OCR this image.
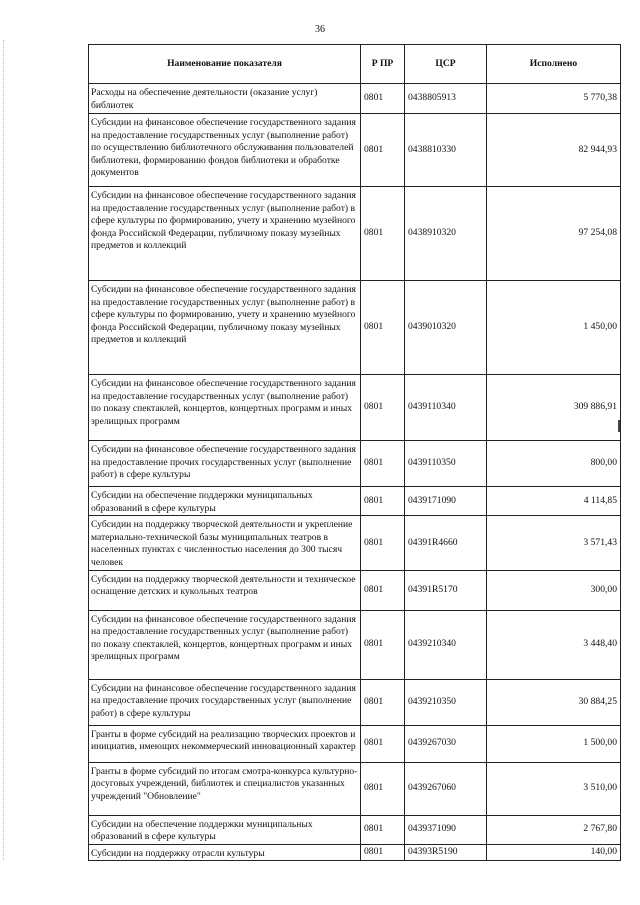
36
Наименование показателя	Р ПР	ЦСР	Исполнено
Расходы на обеспечение деятельности (оказание услуг) библиотек	0801	0438805913	5 770,38
Субсидии на финансовое обеспечение государственного задания на предоставление государственных услуг (выполнение работ) по осуществлению библиотечного обслуживания пользователей библиотеки, формированию фондов библиотеки и обработке документов	0801	0438810330	82 944,93
Субсидии на финансовое обеспечение государственного задания на предоставление государственных услуг (выполнение работ) в сфере культуры по формированию, учету и хранению музейного фонда Российской Федерации, публичному показу музейных предметов и коллекций	0801	0438910320	97 254,08
Субсидии на финансовое обеспечение государственного задания на предоставление государственных услуг (выполнение работ) в сфере культуры по формированию, учету и хранению музейного фонда Российской Федерации, публичному показу музейных предметов и коллекций	0801	0439010320	1 450,00
Субсидии на финансовое обеспечение государственного задания на предоставление государственных услуг (выполнение работ) по показу спектаклей, концертов, концертных программ и иных зрелищных программ	0801	0439110340	309 886,91
Субсидии на финансовое обеспечение государственного задания на предоставление прочих государственных услуг (выполнение работ) в сфере культуры	0801	0439110350	800,00
Субсидии на обеспечение поддержки муниципальных образований в сфере культуры	0801	0439171090	4 114,85
Субсидии на поддержку творческой деятельности и укрепление материально-технической базы муниципальных театров в населенных пунктах с численностью населения до 300 тысяч человек	0801	04391R4660	3 571,43
Субсидии на поддержку творческой деятельности и техническое оснащение детских и кукольных театров	0801	04391R5170	300,00
Субсидии на финансовое обеспечение государственного задания на предоставление государственных услуг (выполнение работ) по показу спектаклей, концертов, концертных программ и иных зрелищных программ	0801	0439210340	3 448,40
Субсидии на финансовое обеспечение государственного задания на предоставление прочих государственных услуг (выполнение работ) в сфере культуры	0801	0439210350	30 884,25
Гранты в форме субсидий на реализацию творческих проектов и инициатив, имеющих некоммерческий инновационный характер	0801	0439267030	1 500,00
Гранты в форме субсидий по итогам смотра-конкурса культурно-досуговых учреждений, библиотек и специалистов указанных учреждений "Обновление"	0801	0439267060	3 510,00
Субсидии на обеспечение поддержки муниципальных образований в сфере культуры	0801	0439371090	2 767,80
Субсидии на поддержку отрасли культуры	0801	04393R5190	140,00
